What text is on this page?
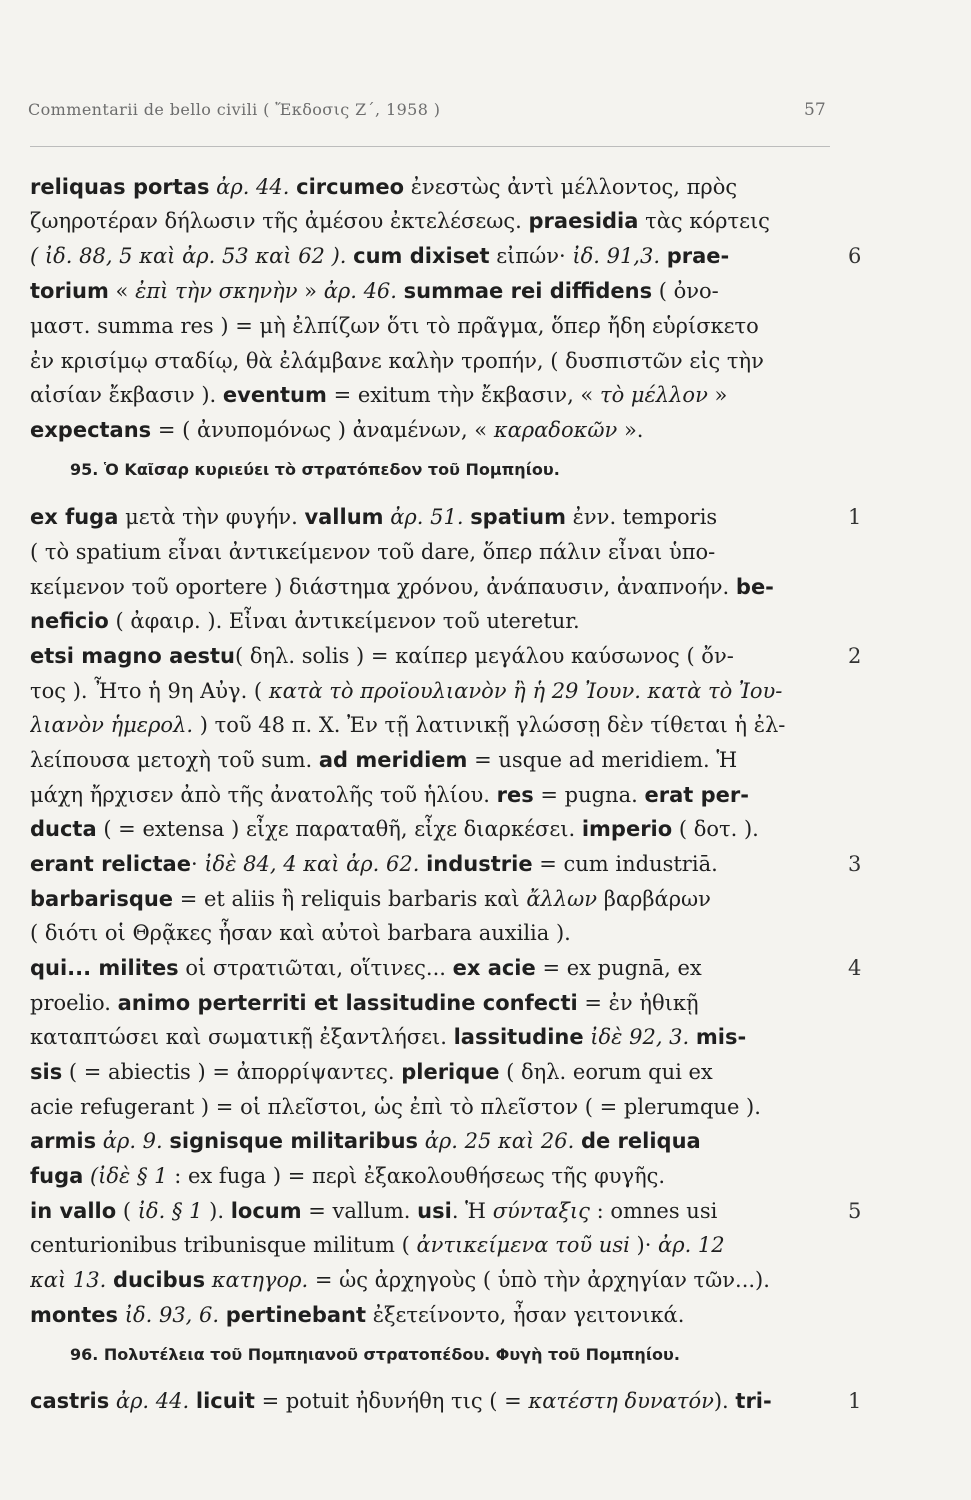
Commentarii de bello civili ( Ἔκδοσις Ζ΄, 1958 )	57
reliquas portas ἀρ. 44. circumeo ἐνεστὼς ἀντὶ μέλλοντος, πρὸς
ζωηροτέραν δήλωσιν τῆς ἀμέσου ἐκτελέσεως. praesidia τὰς κόρτεις
( ἰδ. 88, 5 καὶ ἀρ. 53 καὶ 62 ). cum dixiset εἰπών· ἰδ. 91,3. prae-
torium « ἐπὶ τὴν σκηνὴν » ἀρ. 46. summae rei diffidens ( ὀνο-
μαστ. summa res ) = μὴ ἐλπίζων ὅτι τὸ πρᾶγμα, ὅπερ ἤδη εὑρίσκετο
ἐν κρισίμῳ σταδίῳ, θὰ ἐλάμβανε καλὴν τροπήν, ( δυσπιστῶν εἰς τὴν
αἰσίαν ἔκβασιν ). eventum = exitum τὴν ἔκβασιν, « τὸ μέλλον »
expectans = ( ἀνυπομόνως ) ἀναμένων, « καραδοκῶν ».
95. Ὁ Καῖσαρ κυριεύει τὸ στρατόπεδον τοῦ Πομπηίου.
ex fuga μετὰ τὴν φυγήν. vallum ἀρ. 51. spatium ἐνν. temporis
( τὸ spatium εἶναι ἀντικείμενον τοῦ dare, ὅπερ πάλιν εἶναι ὑπο-
κείμενον τοῦ oportere ) διάστημα χρόνου, ἀνάπαυσιν, ἀναπνοήν. be-
neficio ( ἀφαιρ. ). Εἶναι ἀντικείμενον τοῦ uteretur.
etsi magno aestu( δηλ. solis ) = καίπερ μεγάλου καύσωνος ( ὄν-
τος ). Ἦτο ἡ 9η Αὐγ. ( κατὰ τὸ προϊουλιανὸν ἢ ἡ 29 Ἰουν. κατὰ τὸ Ἰου-
λιανὸν ἡμερολ. ) τοῦ 48 π. Χ. Ἐν τῇ λατινικῇ γλώσσῃ δὲν τίθεται ἡ ἐλ-
λείπουσα μετοχὴ τοῦ sum. ad meridiem = usque ad meridiem. Ἡ
μάχη ἤρχισεν ἀπὸ τῆς ἀνατολῆς τοῦ ἡλίου. res = pugna. erat per-
ducta ( = extensa ) εἶχε παραταθῆ, εἶχε διαρκέσει. imperio ( δοτ. ).
erant relictae· ἰδὲ 84, 4 καὶ ἀρ. 62. industrie = cum industriā.
barbarisque = et aliis ἢ reliquis barbaris καὶ ἄλλων βαρβάρων
( διότι οἱ Θρᾷκες ἦσαν καὶ αὐτοὶ barbara auxilia ).
qui... milites οἱ στρατιῶται, οἵτινες... ex acie = ex pugnā, ex
proelio. animo perterriti et lassitudine confecti = ἐν ἠθικῇ
καταπτώσει καὶ σωματικῇ ἐξαντλήσει. lassitudine ἰδὲ 92, 3. mis-
sis ( = abiectis ) = ἀπορρίψαντες. plerique ( δηλ. eorum qui ex
acie refugerant ) = οἱ πλεῖστοι, ὡς ἐπὶ τὸ πλεῖστον ( = plerumque ).
armis ἀρ. 9. signisque militaribus ἀρ. 25 καὶ 26. de reliqua
fuga (ἰδὲ § 1 : ex fuga ) = περὶ ἐξακολουθήσεως τῆς φυγῆς.
in vallo ( ἰδ. § 1 ). locum = vallum. usi. Ἡ σύνταξις : omnes usi
centurionibus tribunisque militum ( ἀντικείμενα τοῦ usi )· ἀρ. 12
καὶ 13. ducibus κατηγορ. = ὡς ἀρχηγοὺς ( ὑπὸ τὴν ἀρχηγίαν τῶν...).
montes ἰδ. 93, 6. pertinebant ἐξετείνοντο, ἦσαν γειτονικά.
96. Πολυτέλεια τοῦ Πομπηιανοῦ στρατοπέδου. Φυγὴ τοῦ Πομπηίου.
castris ἀρ. 44. licuit = potuit ἠδυνήθη τις ( = κατέστη δυνατόν). tri-
6
1
2
3
4
5
1
